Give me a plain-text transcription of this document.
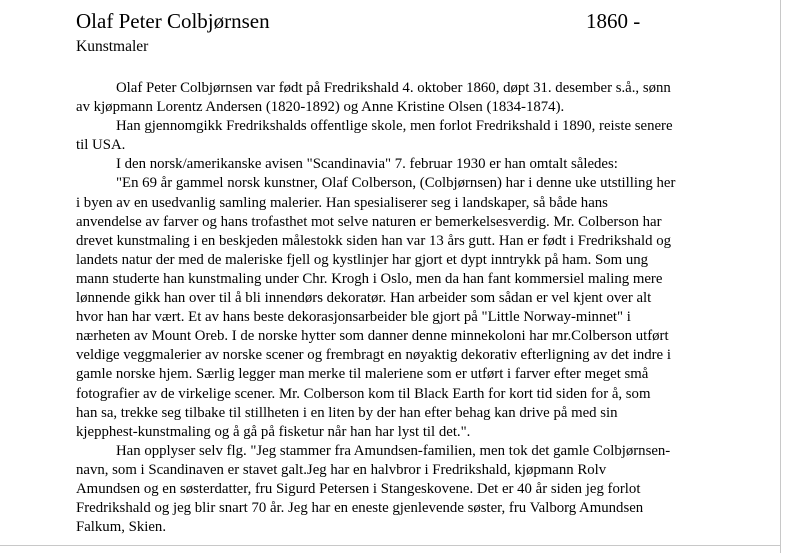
Olaf Peter Colbjørnsen	1860 -
Kunstmaler
Olaf Peter Colbjørnsen var født på Fredrikshald 4. oktober 1860, døpt 31. desember s.å., sønn
av kjøpmann Lorentz Andersen (1820-1892) og Anne Kristine Olsen (1834-1874).
Han gjennomgikk Fredrikshalds offentlige skole, men forlot Fredrikshald i 1890, reiste senere
til USA.
I den norsk/amerikanske avisen "Scandinavia" 7. februar 1930 er han omtalt således:
"En 69 år gammel norsk kunstner, Olaf Colberson, (Colbjørnsen) har i denne uke utstilling her
i byen av en usedvanlig samling malerier. Han spesialiserer seg i landskaper, så både hans
anvendelse av farver og hans trofasthet mot selve naturen er bemerkelsesverdig. Mr. Colberson har
drevet kunstmaling i en beskjeden målestokk siden han var 13 års gutt. Han er født i Fredrikshald og
landets natur der med de maleriske fjell og kystlinjer har gjort et dypt inntrykk på ham. Som ung
mann studerte han kunstmaling under Chr. Krogh i Oslo, men da han fant kommersiel maling mere
lønnende gikk han over til å bli innendørs dekoratør. Han arbeider som sådan er vel kjent over alt
hvor han har vært. Et av hans beste dekorasjonsarbeider ble gjort på "Little Norway-minnet" i
nærheten av Mount Oreb. I de norske hytter som danner denne minnekoloni har mr.Colberson utført
veldige veggmalerier av norske scener og frembragt en nøyaktig dekorativ efterligning av det indre i
gamle norske hjem. Særlig legger man merke til maleriene som er utført i farver efter meget små
fotografier av de virkelige scener. Mr. Colberson kom til Black Earth for kort tid siden for å, som
han sa, trekke seg tilbake til stillheten i en liten by der han efter behag kan drive på med sin
kjepphest-kunstmaling og å gå på fisketur når han har lyst til det.".
Han opplyser selv flg. "Jeg stammer fra Amundsen-familien, men tok det gamle Colbjørnsen-
navn, som i Scandinaven er stavet galt.Jeg har en halvbror i Fredrikshald, kjøpmann Rolv
Amundsen og en søsterdatter, fru Sigurd Petersen i Stangeskovene. Det er 40 år siden jeg forlot
Fredrikshald og jeg blir snart 70 år. Jeg har en eneste gjenlevende søster, fru Valborg Amundsen
Falkum, Skien.
